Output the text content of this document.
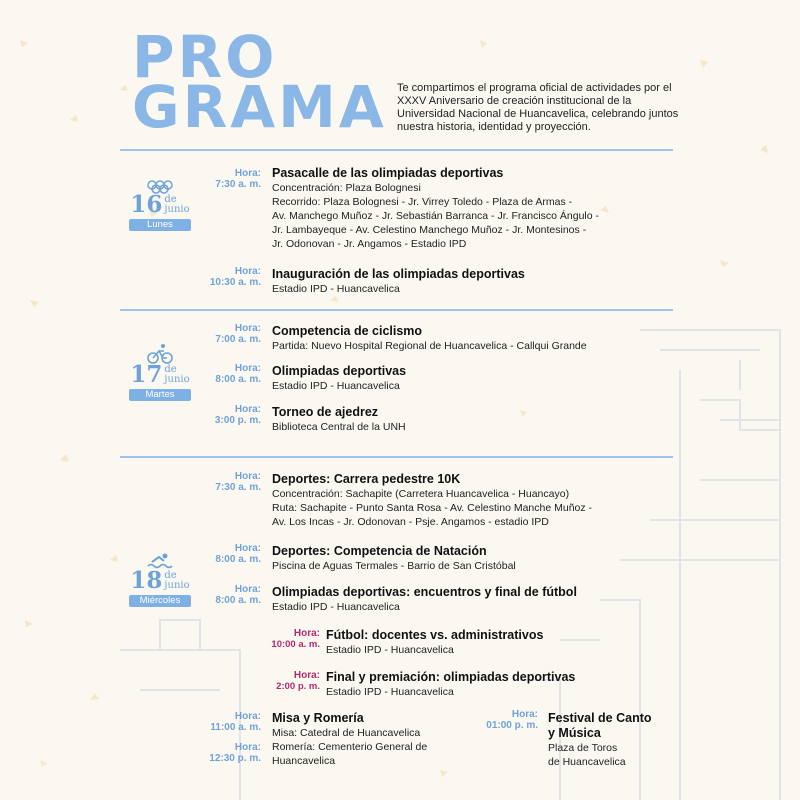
PRO
GRAMA Te compartimos el programa oficial de actividades por el XXXV Aniversario de creación institucional de la Universidad Nacional de Huancavelica, celebrando juntos nuestra historia, identidad y proyección.

16 de
junio
Lunes
17 de
junio
Martes
18 de
junio
Miércoles
Hora:
7:30 a. m.
Pasacalle de las olimpiadas deportivas
Concentración: Plaza Bolognesi
Recorrido: Plaza Bolognesi - Jr. Virrey Toledo - Plaza de Armas -
Av. Manchego Muñoz - Jr. Sebastián Barranca - Jr. Francisco Ángulo -
Jr. Lambayeque - Av. Celestino Manchego Muñoz - Jr. Montesinos -
Jr. Odonovan - Jr. Angamos - Estadio IPD
Hora:
10:30 a. m.
Inauguración de las olimpiadas deportivas
Estadio IPD - Huancavelica
Hora:
7:00 a. m.
Competencia de ciclismo
Partida: Nuevo Hospital Regional de Huancavelica - Callqui Grande
Hora:
8:00 a. m.
Olimpiadas deportivas
Estadio IPD - Huancavelica
Hora:
3:00 p. m.
Torneo de ajedrez
Biblioteca Central de la UNH
Hora:
7:30 a. m.
Deportes: Carrera pedestre 10K
Concentración: Sachapite (Carretera Huancavelica - Huancayo)
Ruta: Sachapite - Punto Santa Rosa - Av. Celestino Manche Muñoz -
Av. Los Incas - Jr. Odonovan - Psje. Angamos - estadio IPD
Hora:
8:00 a. m.
Deportes: Competencia de Natación
Piscina de Aguas Termales - Barrio de San Cristóbal
Hora:
8:00 a. m.
Olimpiadas deportivas: encuentros y final de fútbol
Estadio IPD - Huancavelica
Hora:
10:00 a. m.
Fútbol: docentes vs. administrativos
Estadio IPD - Huancavelica
Hora:
2:00 p. m.
Final y premiación: olimpiadas deportivas
Estadio IPD - Huancavelica
Hora:
11:00 a. m.
Hora:
12:30 p. m.
Misa y Romería
Misa: Catedral de Huancavelica
Romería: Cementerio General de
Huancavelica
Hora:
01:00 p. m.
Festival de Canto
y Música
Plaza de Toros
de Huancavelica
